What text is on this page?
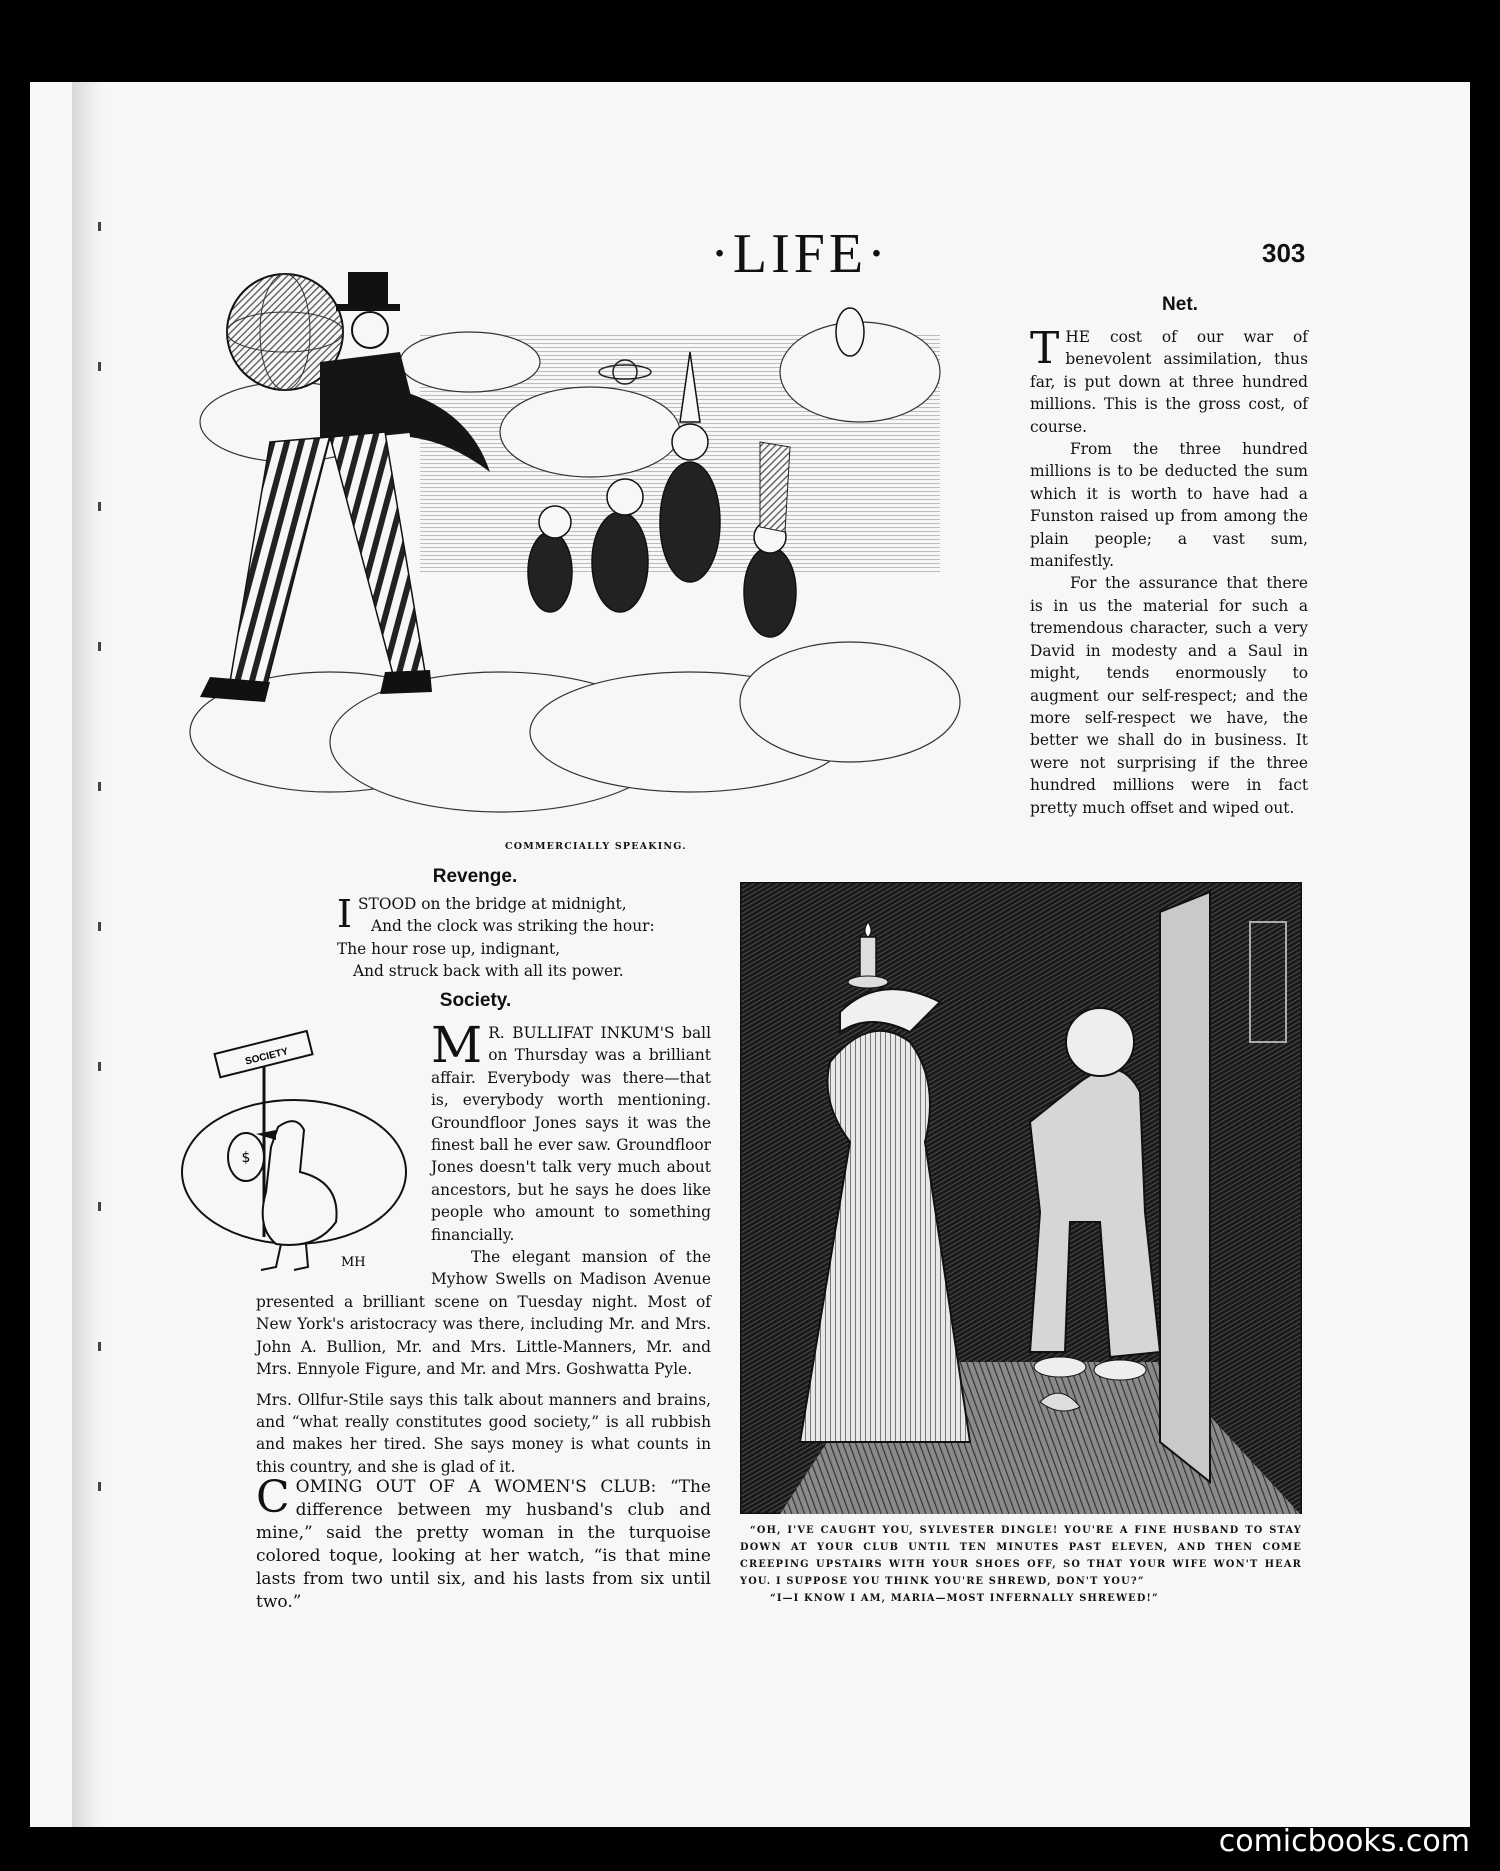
·LIFE·	303
COMMERCIALLY SPEAKING.
Net.

THE cost of our war of benevolent assimilation, thus far, is put down at three hundred millions. This is the gross cost, of course.

From the three hundred millions is to be deducted the sum which it is worth to have had a Funston raised up from among the plain people; a vast sum, manifestly.

For the assurance that there is in us the material for such a tremendous character, such a very David in modesty and a Saul in might, tends enormously to augment our self-respect; and the more self-respect we have, the better we shall do in business. It were not surprising if the three hundred millions were in fact pretty much offset and wiped out.

Revenge.
ISTOOD on the bridge at midnight,
And the clock was striking the hour:
The hour rose up, indignant,
And struck back with all its power.
Society.
SOCIETY
$
MH

M R. BULLIFAT INKUM'S ball on Thursday was a brilliant affair. Everybody was there—that is, everybody worth mentioning. Groundfloor Jones says it was the finest ball he ever saw. Groundfloor Jones doesn't talk very much about ancestors, but he says he does like people who amount to something financially.

The elegant mansion of the Myhow Swells on Madison Avenue presented a brilliant scene on Tuesday night. Most of New York's aristocracy was there, including Mr. and Mrs. John A. Bullion, Mr. and Mrs. Little-Manners, Mr. and Mrs. Ennyole Figure, and Mr. and Mrs. Goshwatta Pyle.

Mrs. Ollfur-Stile says this talk about manners and brains, and “what really constitutes good society,” is all rubbish and makes her tired. She says money is what counts in this country, and she is glad of it.

COMING OUT OF A WOMEN'S CLUB: “The difference between my husband's club and mine,” said the pretty woman in the turquoise colored toque, looking at her watch, “is that mine lasts from two until six, and his lasts from six until two.”

“OH, I'VE CAUGHT YOU, SYLVESTER DINGLE! YOU'RE A FINE HUSBAND TO STAY DOWN AT YOUR CLUB UNTIL TEN MINUTES PAST ELEVEN, AND THEN COME CREEPING UPSTAIRS WITH YOUR SHOES OFF, SO THAT YOUR WIFE WON'T HEAR YOU. I SUPPOSE YOU THINK YOU'RE SHREWD, DON'T YOU?”
“I—I KNOW I AM, MARIA—MOST INFERNALLY SHREWED!”
comicbooks.com
